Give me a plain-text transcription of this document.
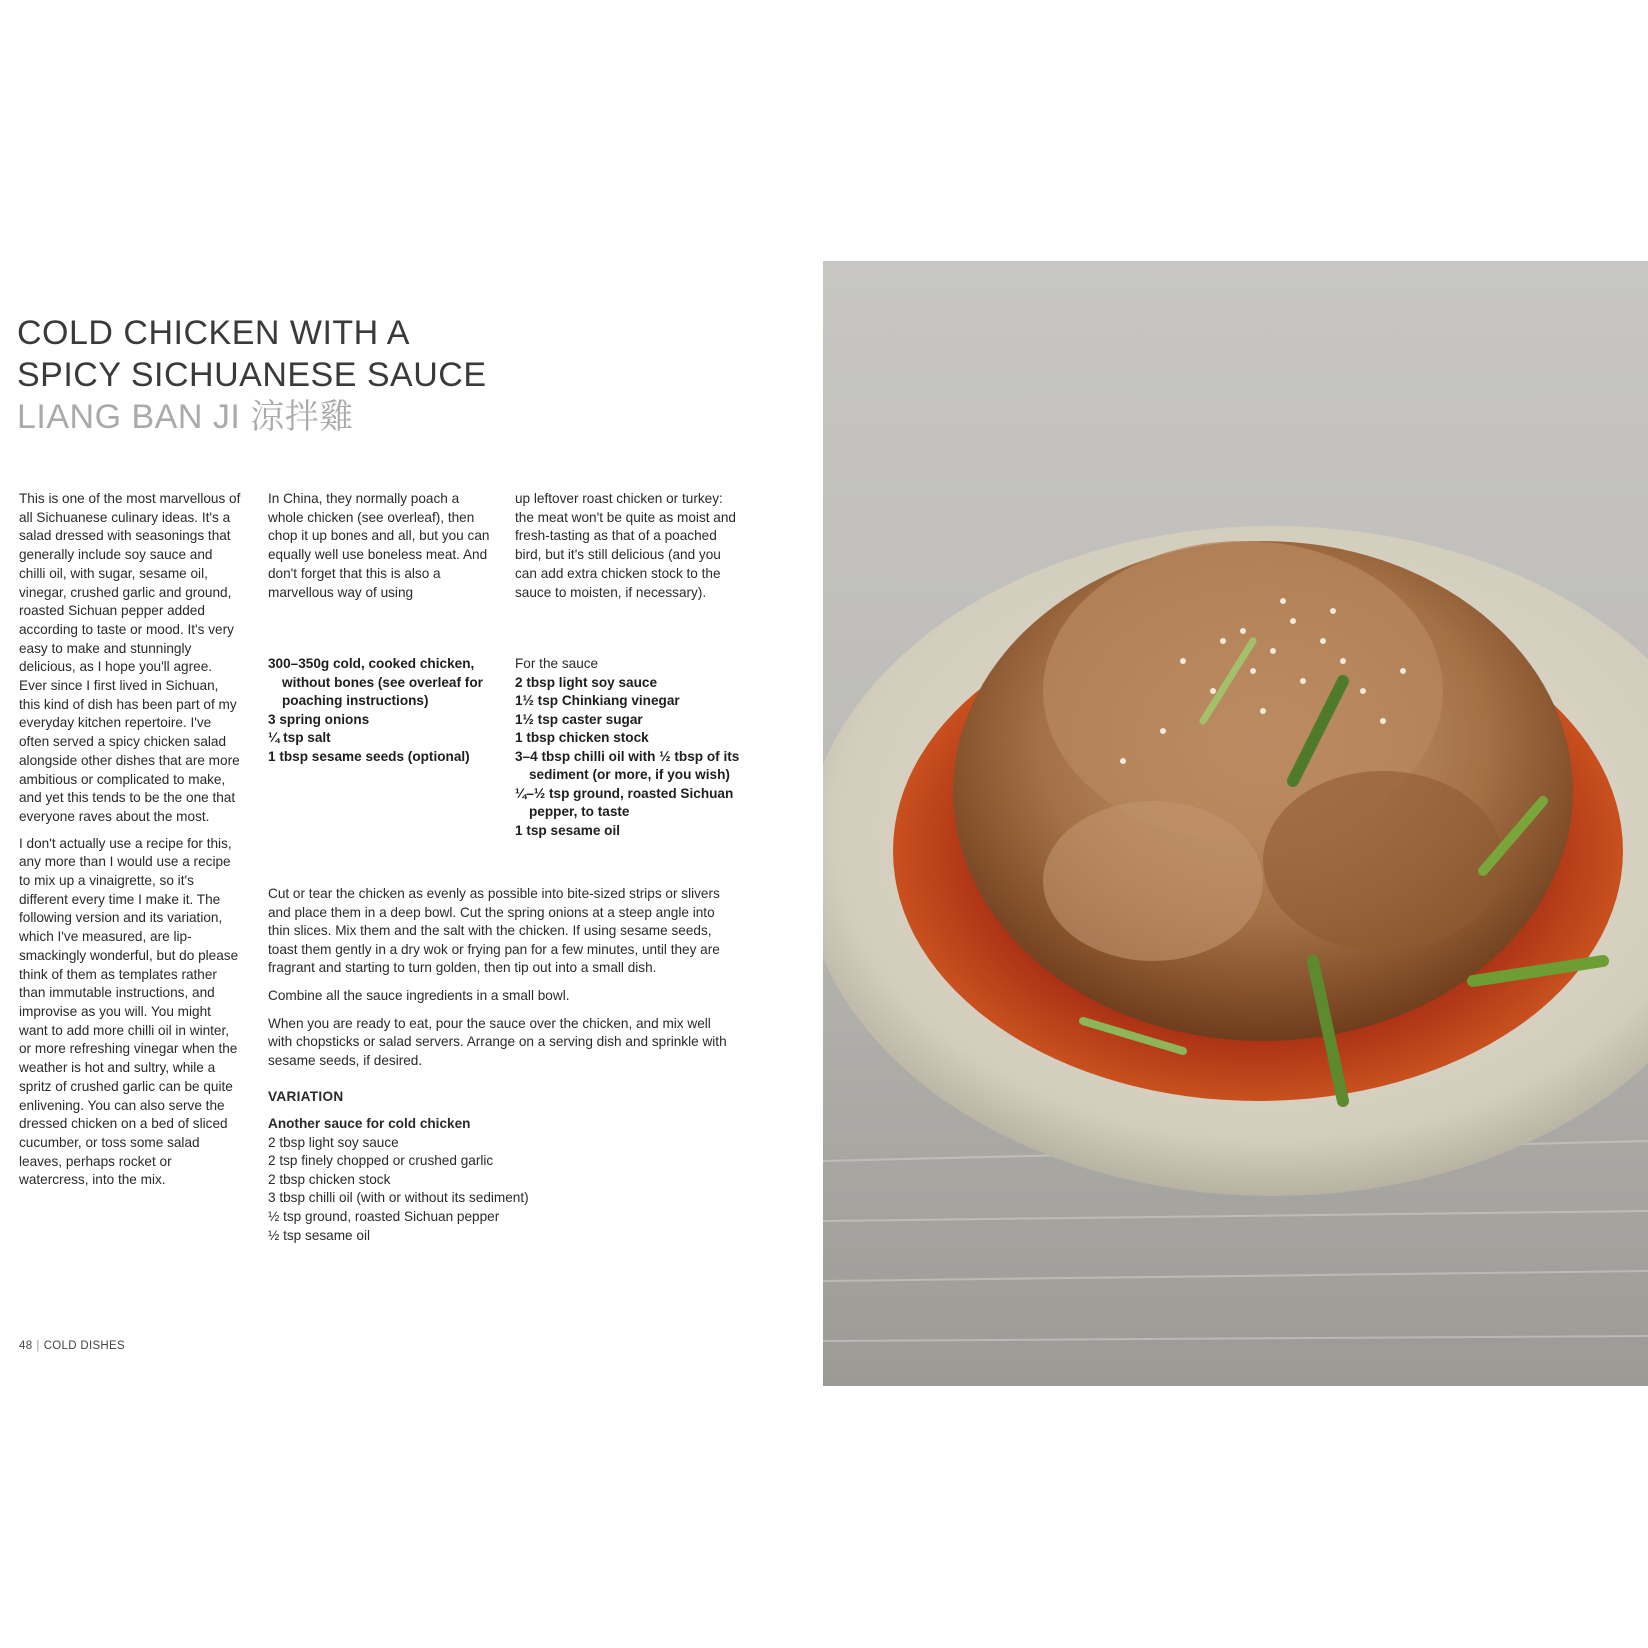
COLD CHICKEN WITH A
SPICY SICHUANESE SAUCE
LIANG BAN JI 涼拌雞

This is one of the most marvellous of all Sichuanese culinary ideas. It's a salad dressed with seasonings that generally include soy sauce and chilli oil, with sugar, sesame oil, vinegar, crushed garlic and ground, roasted Sichuan pepper added according to taste or mood. It's very easy to make and stunningly delicious, as I hope you'll agree. Ever since I first lived in Sichuan, this kind of dish has been part of my everyday kitchen repertoire. I've often served a spicy chicken salad alongside other dishes that are more ambitious or complicated to make, and yet this tends to be the one that everyone raves about the most.

I don't actually use a recipe for this, any more than I would use a recipe to mix up a vinaigrette, so it's different every time I make it. The following version and its variation, which I've measured, are lip-smackingly wonderful, but do please think of them as templates rather than immutable instructions, and improvise as you will. You might want to add more chilli oil in winter, or more refreshing vinegar when the weather is hot and sultry, while a spritz of crushed garlic can be quite enlivening. You can also serve the dressed chicken on a bed of sliced cucumber, or toss some salad leaves, perhaps rocket or watercress, into the mix.

In China, they normally poach a whole chicken (see overleaf), then chop it up bones and all, but you can equally well use boneless meat. And don't forget that this is also a marvellous way of using

up leftover roast chicken or turkey: the meat won't be quite as moist and fresh-tasting as that of a poached bird, but it's still delicious (and you can add extra chicken stock to the sauce to moisten, if necessary).

300–350g cold, cooked chicken, without bones (see overleaf for poaching instructions)
3 spring onions
¼ tsp salt
1 tbsp sesame seeds (optional)
For the sauce
2 tbsp light soy sauce
1½ tsp Chinkiang vinegar
1½ tsp caster sugar
1 tbsp chicken stock
3–4 tbsp chilli oil with ½ tbsp of its sediment (or more, if you wish)
¼–½ tsp ground, roasted Sichuan pepper, to taste
1 tsp sesame oil

Cut or tear the chicken as evenly as possible into bite-sized strips or slivers and place them in a deep bowl. Cut the spring onions at a steep angle into thin slices. Mix them and the salt with the chicken. If using sesame seeds, toast them gently in a dry wok or frying pan for a few minutes, until they are fragrant and starting to turn golden, then tip out into a small dish.

Combine all the sauce ingredients in a small bowl.

When you are ready to eat, pour the sauce over the chicken, and mix well with chopsticks or salad servers. Arrange on a serving dish and sprinkle with sesame seeds, if desired.

VARIATION
Another sauce for cold chicken
2 tbsp light soy sauce
2 tsp finely chopped or crushed garlic
2 tbsp chicken stock
3 tbsp chilli oil (with or without its sediment)
½ tsp ground, roasted Sichuan pepper
½ tsp sesame oil
48 | COLD DISHES
